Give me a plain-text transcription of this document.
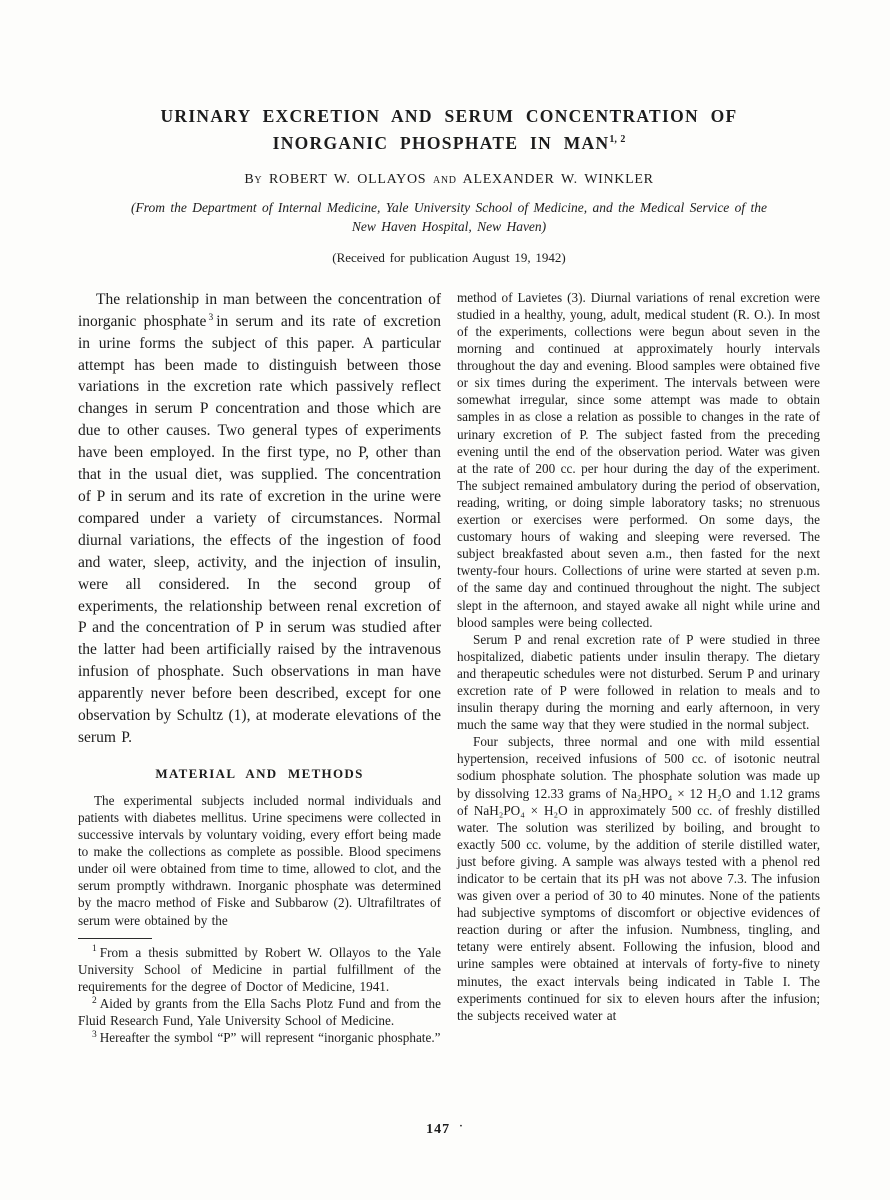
URINARY EXCRETION AND SERUM CONCENTRATION OF
INORGANIC PHOSPHATE IN MAN$^{1, 2}$
By ROBERT W. OLLAYOS and ALEXANDER W. WINKLER
(From the Department of Internal Medicine, Yale University School of Medicine, and the Medical Service of the New Haven Hospital, New Haven)
(Received for publication August 19, 1942)

The relationship in man between the concentration of inorganic phosphate $^3$ in serum and its rate of excretion in urine forms the subject of this paper. A particular attempt has been made to distinguish between those variations in the excretion rate which passively reflect changes in serum P concentration and those which are due to other causes. Two general types of experiments have been employed. In the first type, no P, other than that in the usual diet, was supplied. The concentration of P in serum and its rate of excretion in the urine were compared under a variety of circumstances. Normal diurnal variations, the effects of the ingestion of food and water, sleep, activity, and the injection of insulin, were all considered. In the second group of experiments, the relationship between renal excretion of P and the concentration of P in serum was studied after the latter had been artificially raised by the intravenous infusion of phosphate. Such observations in man have apparently never before been described, except for one observation by Schultz (1), at moderate elevations of the serum P.

MATERIAL AND METHODS

The experimental subjects included normal individuals and patients with diabetes mellitus. Urine specimens were collected in successive intervals by voluntary voiding, every effort being made to make the collections as complete as possible. Blood specimens under oil were obtained from time to time, allowed to clot, and the serum promptly withdrawn. Inorganic phosphate was determined by the macro method of Fiske and Subbarow (2). Ultrafiltrates of serum were obtained by the

$^1$ From a thesis submitted by Robert W. Ollayos to the Yale University School of Medicine in partial fulfillment of the requirements for the degree of Doctor of Medicine, 1941.

$^2$ Aided by grants from the Ella Sachs Plotz Fund and from the Fluid Research Fund, Yale University School of Medicine.

$^3$ Hereafter the symbol “P” will represent “inorganic phosphate.”

method of Lavietes (3). Diurnal variations of renal excretion were studied in a healthy, young, adult, medical student (R. O.). In most of the experiments, collections were begun about seven in the morning and continued at approximately hourly intervals throughout the day and evening. Blood samples were obtained five or six times during the experiment. The intervals between were somewhat irregular, since some attempt was made to obtain samples in as close a relation as possible to changes in the rate of urinary excretion of P. The subject fasted from the preceding evening until the end of the observation period. Water was given at the rate of 200 cc. per hour during the day of the experiment. The subject remained ambulatory during the period of observation, reading, writing, or doing simple laboratory tasks; no strenuous exertion or exercises were performed. On some days, the customary hours of waking and sleeping were reversed. The subject breakfasted about seven a.m., then fasted for the next twenty-four hours. Collections of urine were started at seven p.m. of the same day and continued throughout the night. The subject slept in the afternoon, and stayed awake all night while urine and blood samples were being collected.

Serum P and renal excretion rate of P were studied in three hospitalized, diabetic patients under insulin therapy. The dietary and therapeutic schedules were not disturbed. Serum P and urinary excretion rate of P were followed in relation to meals and to insulin therapy during the morning and early afternoon, in very much the same way that they were studied in the normal subject.

Four subjects, three normal and one with mild essential hypertension, received infusions of 500 cc. of isotonic neutral sodium phosphate solution. The phosphate solution was made up by dissolving 12.33 grams of Na₂HPO₄ × 12 H₂O and 1.12 grams of NaH₂PO₄ × H₂O in approximately 500 cc. of freshly distilled water. The solution was sterilized by boiling, and brought to exactly 500 cc. volume, by the addition of sterile distilled water, just before giving. A sample was always tested with a phenol red indicator to be certain that its pH was not above 7.3. The infusion was given over a period of 30 to 40 minutes. None of the patients had subjective symptoms of discomfort or objective evidences of reaction during or after the infusion. Numbness, tingling, and tetany were entirely absent. Following the infusion, blood and urine samples were obtained at intervals of forty-five to ninety minutes, the exact intervals being indicated in Table I. The experiments continued for six to eleven hours after the infusion; the subjects received water at

147 ·
